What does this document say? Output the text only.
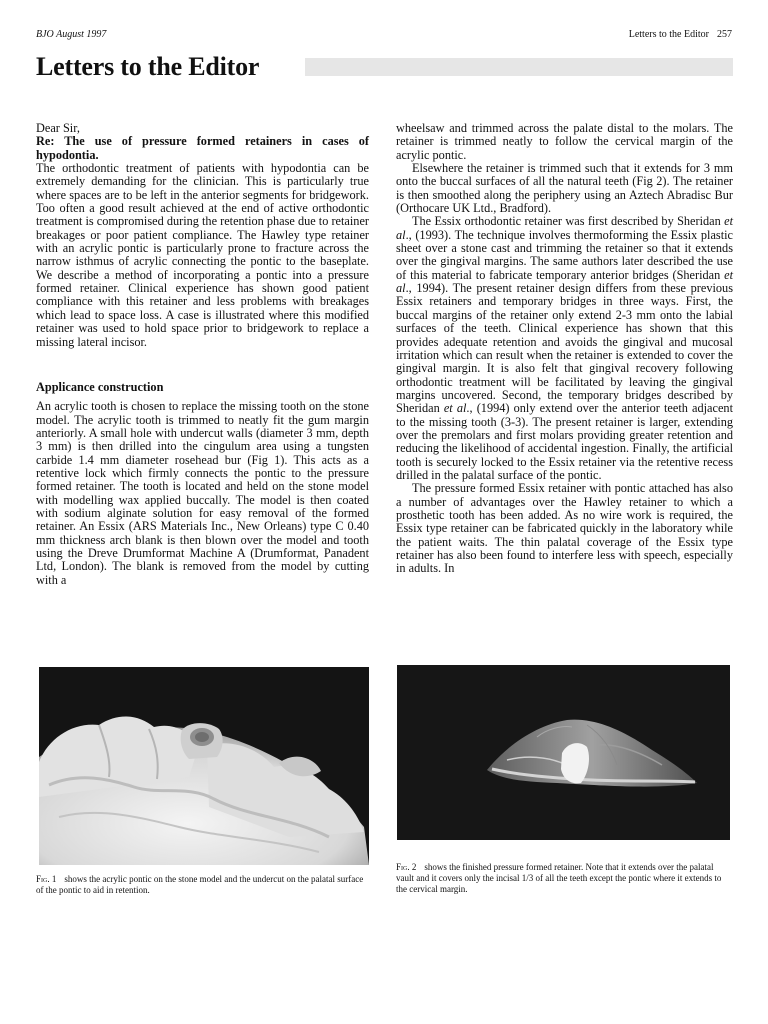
BJO August 1997	Letters to the Editor 257
Letters to the Editor

Dear Sir,

Re: The use of pressure formed retainers in cases of hypodontia.

The orthodontic treatment of patients with hypodontia can be extremely demanding for the clinician. This is particularly true where spaces are to be left in the anterior segments for bridgework. Too often a good result achieved at the end of active orthodontic treatment is compromised during the retention phase due to retainer breakages or poor patient compliance. The Hawley type retainer with an acrylic pontic is particularly prone to fracture across the narrow isthmus of acrylic connecting the pontic to the baseplate. We describe a method of incorporating a pontic into a pressure formed retainer. Clinical experience has shown good patient compliance with this retainer and less problems with breakages which lead to space loss. A case is illustrated where this modified retainer was used to hold space prior to bridgework to replace a missing lateral incisor.

Applicance construction

An acrylic tooth is chosen to replace the missing tooth on the stone model. The acrylic tooth is trimmed to neatly fit the gum margin anteriorly. A small hole with undercut walls (diameter 3 mm, depth 3 mm) is then drilled into the cingulum area using a tungsten carbide 1.4 mm diameter rosehead bur (Fig 1). This acts as a retentive lock which firmly connects the pontic to the pressure formed retainer. The tooth is located and held on the stone model with modelling wax applied buccally. The model is then coated with sodium alginate solution for easy removal of the formed retainer. An Essix (ARS Materials Inc., New Orleans) type C 0.40 mm thickness arch blank is then blown over the model and tooth using the Dreve Drumformat Machine A (Drumformat, Panadent Ltd, London). The blank is removed from the model by cutting with a

wheelsaw and trimmed across the palate distal to the molars. The retainer is trimmed neatly to follow the cervical margin of the acrylic pontic.

Elsewhere the retainer is trimmed such that it extends for 3 mm onto the buccal surfaces of all the natural teeth (Fig 2). The retainer is then smoothed along the periphery using an Aztech Abradisc Bur (Orthocare UK Ltd., Bradford).

The Essix orthodontic retainer was first described by Sheridan et al., (1993). The technique involves thermoforming the Essix plastic sheet over a stone cast and trimming the retainer so that it extends over the gingival margins. The same authors later described the use of this material to fabricate temporary anterior bridges (Sheridan et al., 1994). The present retainer design differs from these previous Essix retainers and temporary bridges in three ways. First, the buccal margins of the retainer only extend 2-3 mm onto the labial surfaces of the teeth. Clinical experience has shown that this provides adequate retention and avoids the gingival and mucosal irritation which can result when the retainer is extended to cover the gingival margin. It is also felt that gingival recovery following orthodontic treatment will be facilitated by leaving the gingival margins uncovered. Second, the temporary bridges described by Sheridan et al., (1994) only extend over the anterior teeth adjacent to the missing tooth (3-3). The present retainer is larger, extending over the premolars and first molars providing greater retention and reducing the likelihood of accidental ingestion. Finally, the artificial tooth is securely locked to the Essix retainer via the retentive recess drilled in the palatal surface of the pontic.

The pressure formed Essix retainer with pontic attached has also a number of advantages over the Hawley retainer to which a prosthetic tooth has been added. As no wire work is required, the Essix type retainer can be fabricated quickly in the laboratory while the patient waits. The thin palatal coverage of the Essix type retainer has also been found to interfere less with speech, especially in adults. In

Fig. 1 shows the acrylic pontic on the stone model and the undercut on the palatal surface of the pontic to aid in retention.
Fig. 2 shows the finished pressure formed retainer. Note that it extends over the palatal vault and it covers only the incisal 1/3 of all the teeth except the pontic where it extends to the cervical margin.
